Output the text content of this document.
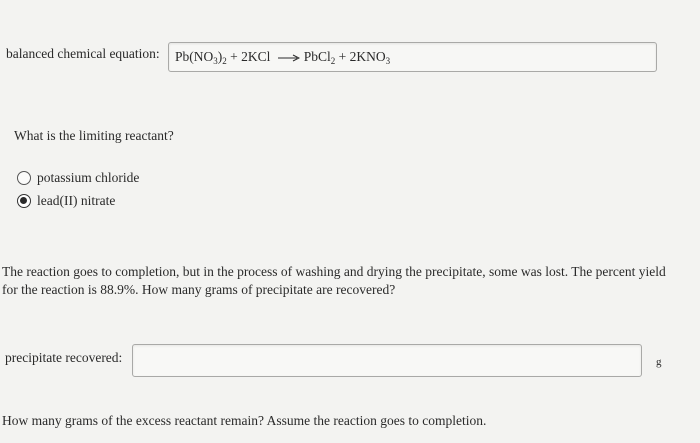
balanced chemical equation: $Pb(NO_3)_2 + 2KCl$ → PbCl$_2$ + $2KNO_3$
What is the limiting reactant?
potassium chloride
lead(II) nitrate
The reaction goes to completion, but in the process of washing and drying the precipitate, some was lost. The percent yield for the reaction is 88.9%. How many grams of precipitate are recovered?
precipitate recovered:	g
How many grams of the excess reactant remain? Assume the reaction goes to completion.
